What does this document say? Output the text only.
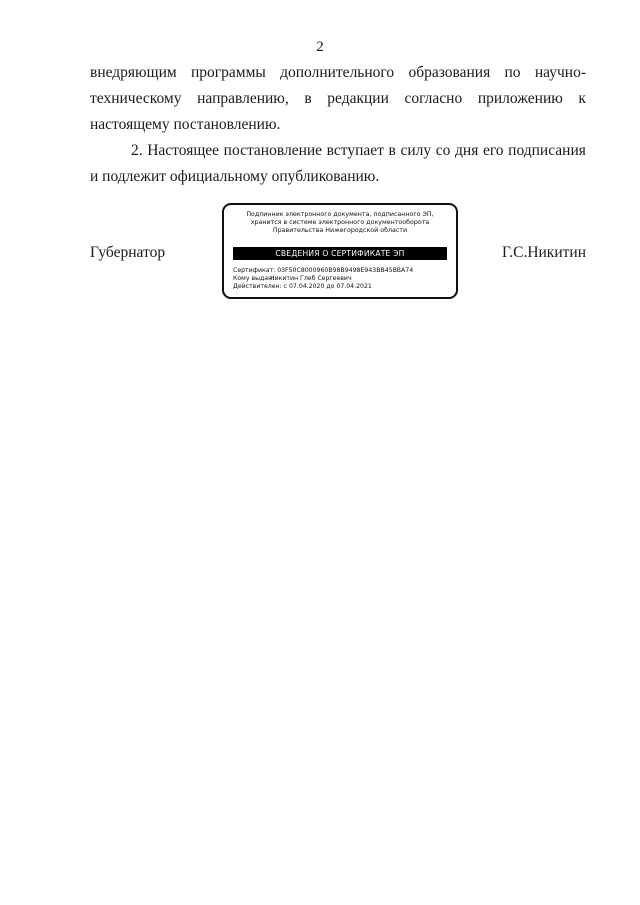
2
внедряющим программы дополнительного образования по научно-
техническому направлению, в редакции согласно приложению к
настоящему постановлению.
2. Настоящее постановление вступает в силу со дня его подписания
и подлежит официальному опубликованию.
Губернатор
Подлинник электронного документа, подписанного ЭП,
хранится в системе электронного документооборота
Правительства Нижегородской области
СВЕДЕНИЯ О СЕРТИФИКАТЕ ЭП
Сертификат: 03F50C8000960B98B9498E943BB45BBA74
Кому выдан: Никитин Глеб Сергеевич
Действителен: с 07.04.2020 до 07.04.2021
Г.С.Никитин
